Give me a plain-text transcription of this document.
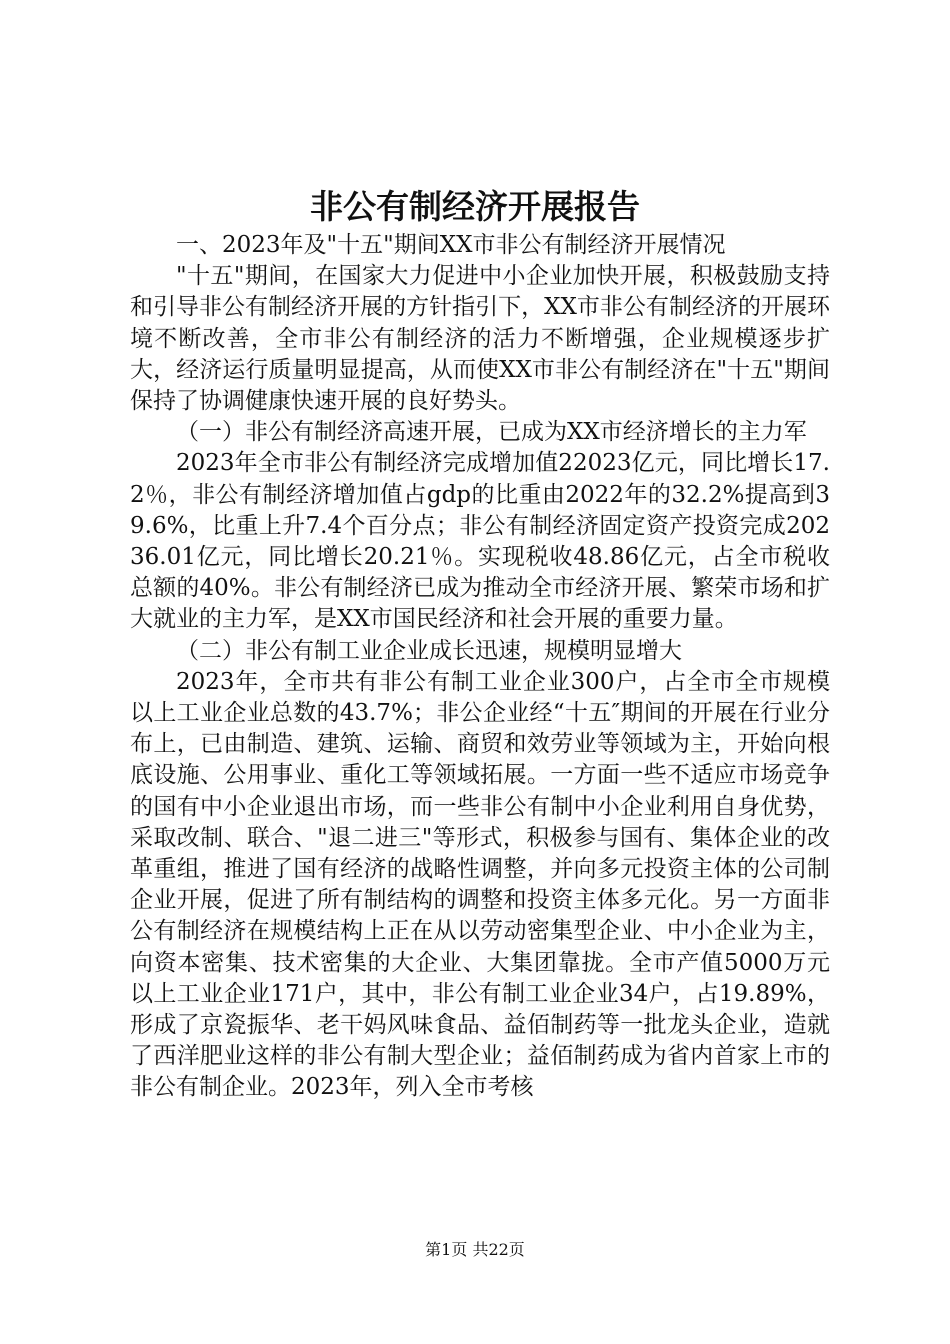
非公有制经济开展报告

一、2023年及"十五"期间XX市非公有制经济开展情况

"十五"期间，在国家大力促进中小企业加快开展，积极鼓励支持和引导非公有制经济开展的方针指引下，XX市非公有制经济的开展环境不断改善，全市非公有制经济的活力不断增强，企业规模逐步扩大，经济运行质量明显提高，从而使XX市非公有制经济在"十五"期间保持了协调健康快速开展的良好势头。

（一）非公有制经济高速开展，已成为XX市经济增长的主力军

2023年全市非公有制经济完成增加值22023亿元，同比增长17.2％，非公有制经济增加值占gdp的比重由2022年的32.2%提高到39.6%，比重上升7.4个百分点；非公有制经济固定资产投资完成20236.01亿元，同比增长20.21％。实现税收48.86亿元，占全市税收总额的40%。非公有制经济已成为推动全市经济开展、繁荣市场和扩大就业的主力军，是XX市国民经济和社会开展的重要力量。

（二）非公有制工业企业成长迅速，规模明显增大

2023年，全市共有非公有制工业企业300户，占全市全市规模以上工业企业总数的43.7%；非公企业经“十五″期间的开展在行业分布上，已由制造、建筑、运输、商贸和效劳业等领域为主，开始向根底设施、公用事业、重化工等领域拓展。一方面一些不适应市场竞争的国有中小企业退出市场，而一些非公有制中小企业利用自身优势，采取改制、联合、"退二进三"等形式，积极参与国有、集体企业的改革重组，推进了国有经济的战略性调整，并向多元投资主体的公司制企业开展，促进了所有制结构的调整和投资主体多元化。另一方面非公有制经济在规模结构上正在从以劳动密集型企业、中小企业为主，向资本密集、技术密集的大企业、大集团靠拢。全市产值5000万元以上工业企业171户，其中，非公有制工业企业34户，占19.89%，形成了京瓷振华、老干妈风味食品、益佰制药等一批龙头企业，造就了西洋肥业这样的非公有制大型企业；益佰制药成为省内首家上市的非公有制企业。2023年，列入全市考核

第1页 共22页
